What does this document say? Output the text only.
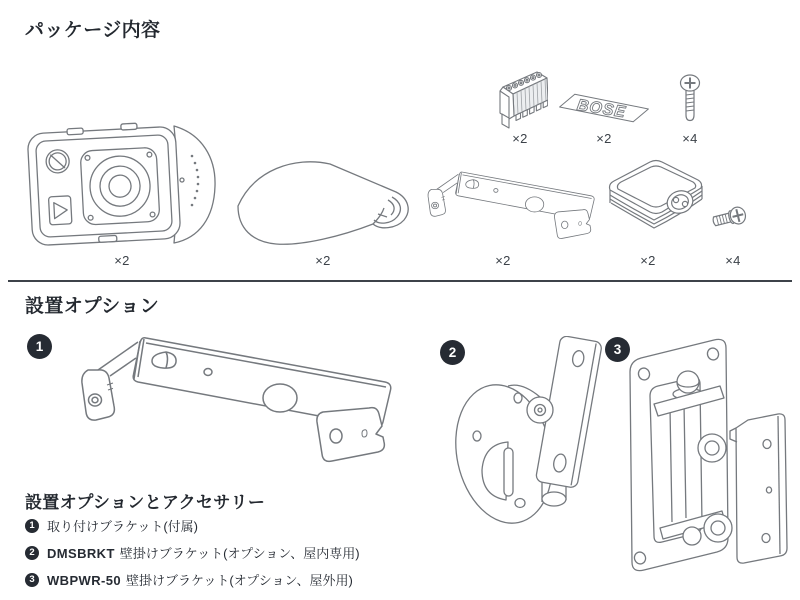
パッケージ内容
×2	×2
×2
BOSE
×2	×4
×2	×2	×4
設置オプション
1	2	3
設置オプションとアクセサリー
1 取り付けブラケット(付属)
2 DMSBRKT 壁掛けブラケット(オプション、屋内専用)
3 WBPWR-50 壁掛けブラケット(オプション、屋外用)
